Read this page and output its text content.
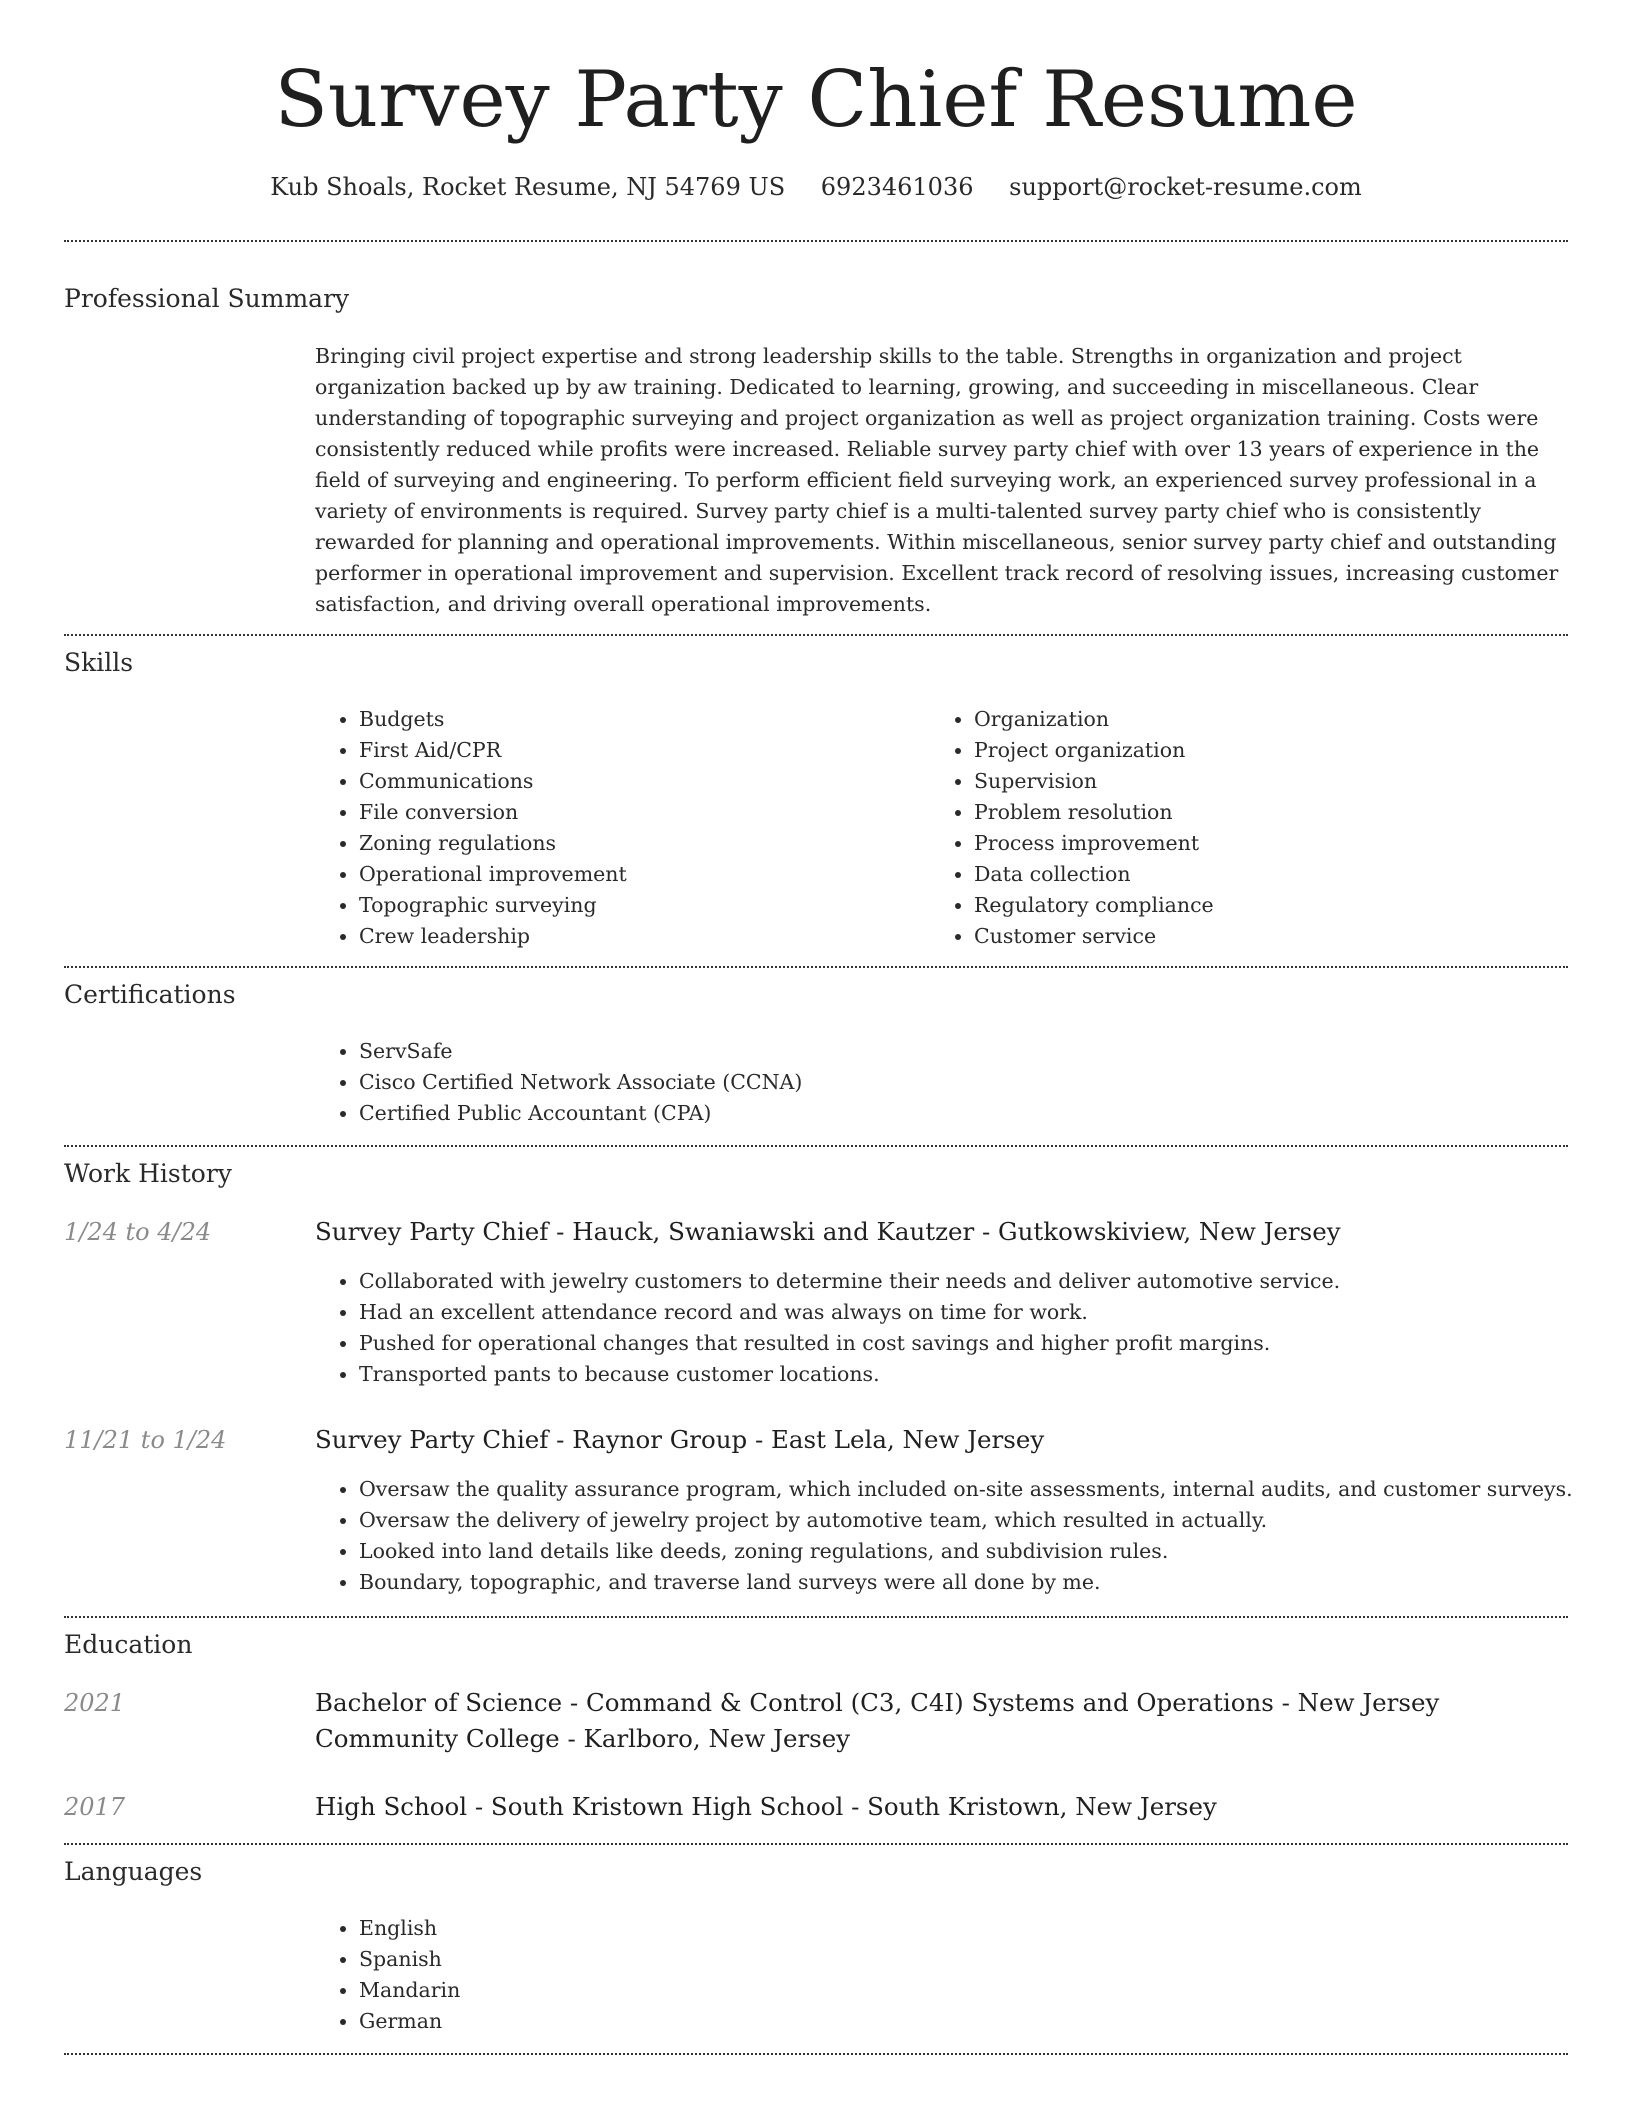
Survey Party Chief Resume
Kub Shoals, Rocket Resume, NJ 54769 US 6923461036 support@rocket-resume.com
Professional Summary

Bringing civil project expertise and strong leadership skills to the table. Strengths in organization and project organization backed up by aw training. Dedicated to learning, growing, and succeeding in miscellaneous. Clear understanding of topographic surveying and project organization as well as project organization training. Costs were consistently reduced while profits were increased. Reliable survey party chief with over 13 years of experience in the field of surveying and engineering. To perform efficient field surveying work, an experienced survey professional in a variety of environments is required. Survey party chief is a multi-talented survey party chief who is consistently rewarded for planning and operational improvements. Within miscellaneous, senior survey party chief and outstanding performer in operational improvement and supervision. Excellent track record of resolving issues, increasing customer satisfaction, and driving overall operational improvements.

Skills
• Budgets
• First Aid/CPR
• Communications
• File conversion
• Zoning regulations
• Operational improvement
• Topographic surveying
• Crew leadership
• Organization
• Project organization
• Supervision
• Problem resolution
• Process improvement
• Data collection
• Regulatory compliance
• Customer service
Certifications
• ServSafe
• Cisco Certified Network Associate (CCNA)
• Certified Public Accountant (CPA)
Work History
1/24 to 4/24	Survey Party Chief - Hauck, Swaniawski and Kautzer - Gutkowskiview, New Jersey
• Collaborated with jewelry customers to determine their needs and deliver automotive service.
• Had an excellent attendance record and was always on time for work.
• Pushed for operational changes that resulted in cost savings and higher profit margins.
• Transported pants to because customer locations.
11/21 to 1/24	Survey Party Chief - Raynor Group - East Lela, New Jersey
• Oversaw the quality assurance program, which included on-site assessments, internal audits, and customer surveys.
• Oversaw the delivery of jewelry project by automotive team, which resulted in actually.
• Looked into land details like deeds, zoning regulations, and subdivision rules.
• Boundary, topographic, and traverse land surveys were all done by me.
Education
2021	Bachelor of Science - Command & Control (C3, C4I) Systems and Operations - New Jersey Community College - Karlboro, New Jersey
2017	High School - South Kristown High School - South Kristown, New Jersey
Languages
• English
• Spanish
• Mandarin
• German
